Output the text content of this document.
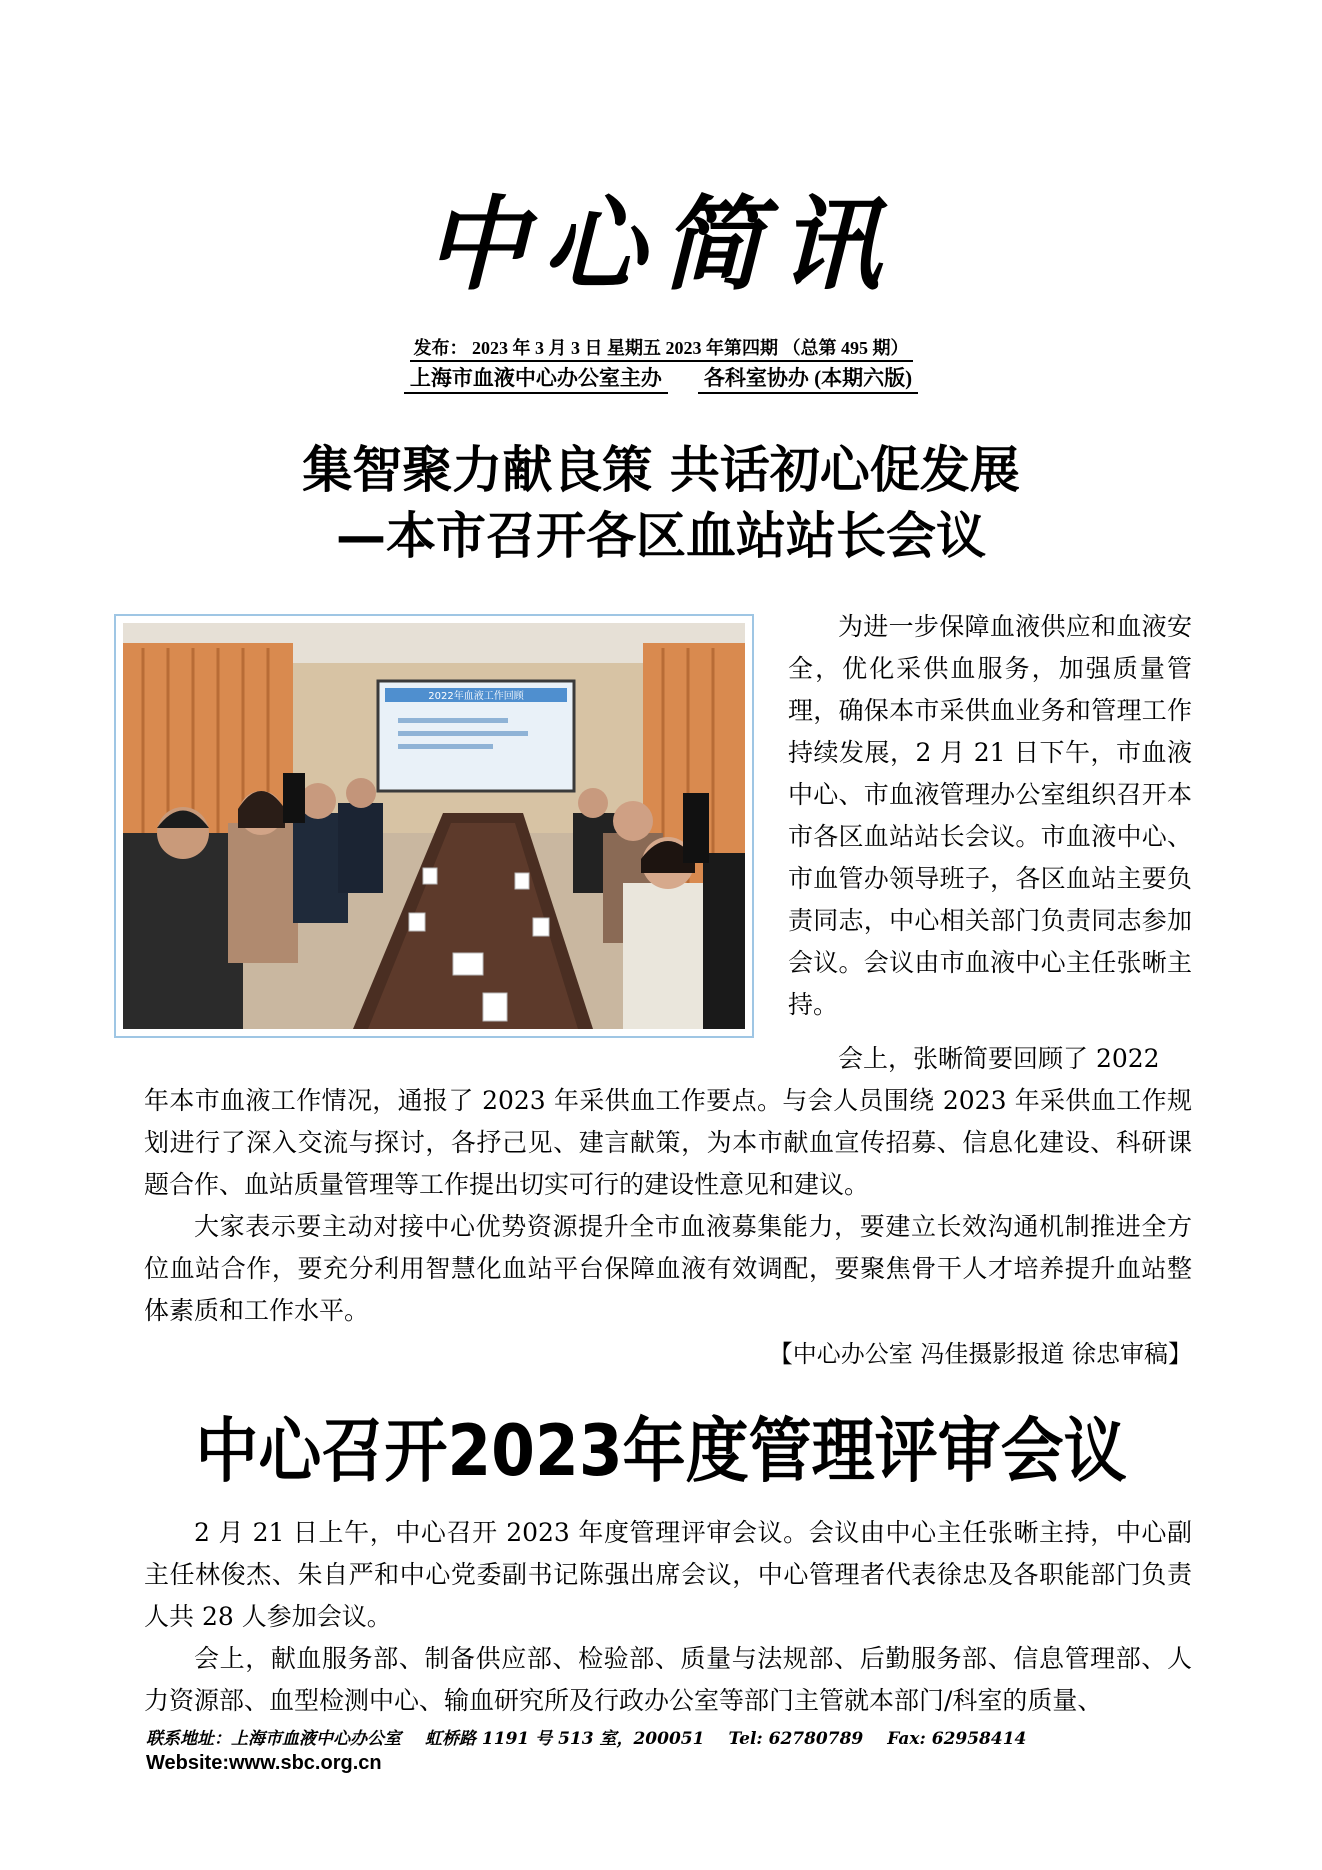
中心简讯
发布： 2023 年 3 月 3 日 星期五 2023 年第四期 （总第 495 期）
上海市血液中心办公室主办 各科室协办 (本期六版)
集智聚力献良策 共话初心促发展
—本市召开各区血站站长会议
2022年血液工作回顾

为进一步保障血液供应和血液安全，优化采供血服务，加强质量管理，确保本市采供血业务和管理工作持续发展，2 月 21 日下午，市血液中心、市血液管理办公室组织召开本市各区血站站长会议。市血液中心、市血管办领导班子，各区血站主要负责同志，中心相关部门负责同志参加会议。会议由市血液中心主任张晰主持。

会上，张晰简要回顾了 2022

年本市血液工作情况，通报了 2023 年采供血工作要点。与会人员围绕 2023 年采供血工作规划进行了深入交流与探讨，各抒己见、建言献策，为本市献血宣传招募、信息化建设、科研课题合作、血站质量管理等工作提出切实可行的建设性意见和建议。

大家表示要主动对接中心优势资源提升全市血液募集能力，要建立长效沟通机制推进全方位血站合作，要充分利用智慧化血站平台保障血液有效调配，要聚焦骨干人才培养提升血站整体素质和工作水平。

【中心办公室 冯佳摄影报道 徐忠审稿】
中心召开2023年度管理评审会议

2 月 21 日上午，中心召开 2023 年度管理评审会议。会议由中心主任张晰主持，中心副主任林俊杰、朱自严和中心党委副书记陈强出席会议，中心管理者代表徐忠及各职能部门负责人共 28 人参加会议。

会上，献血服务部、制备供应部、检验部、质量与法规部、后勤服务部、信息管理部、人力资源部、血型检测中心、输血研究所及行政办公室等部门主管就本部门/科室的质量、

联系地址：上海市血液中心办公室 虹桥路 1191 号 513 室，200051 Tel: 62780789 Fax: 62958414
Website:www.sbc.org.cn
